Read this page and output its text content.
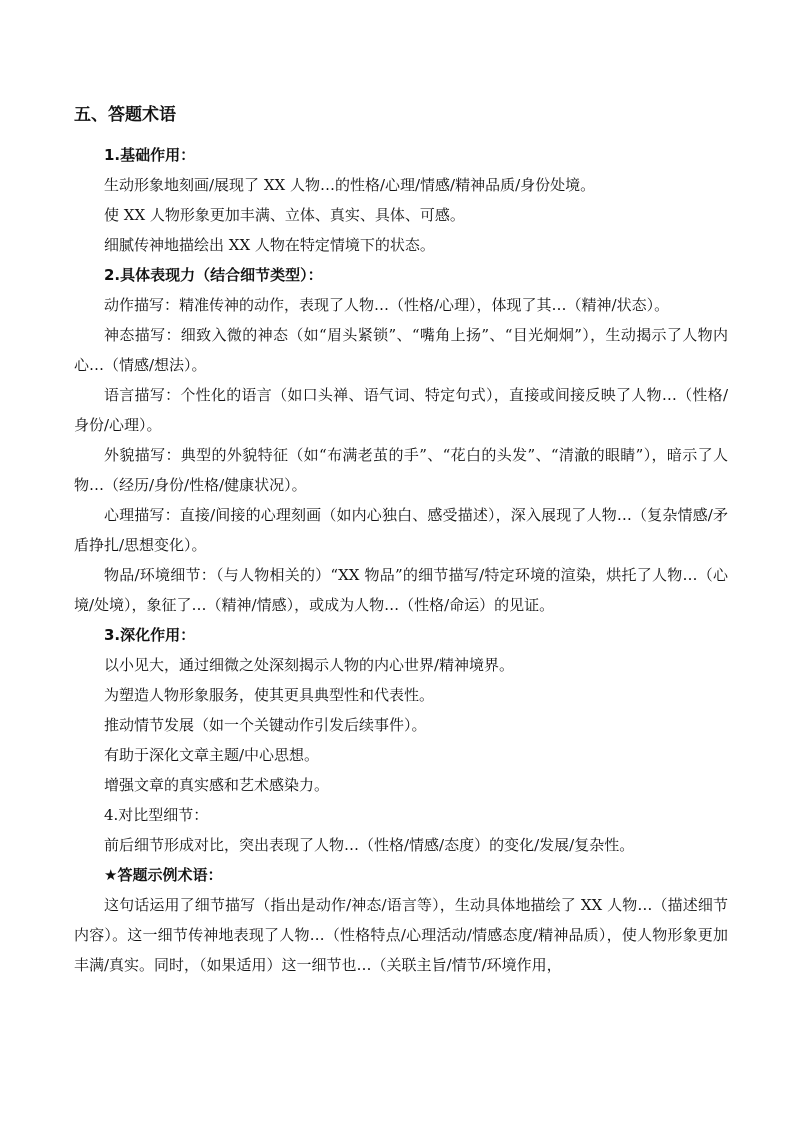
五、答题术语

1.基础作用：

生动形象地刻画/展现了 XX 人物…的性格/心理/情感/精神品质/身份处境。

使 XX 人物形象更加丰满、立体、真实、具体、可感。

细腻传神地描绘出 XX 人物在特定情境下的状态。

2.具体表现力（结合细节类型）：

动作描写：精准传神的动作，表现了人物…（性格/心理），体现了其…（精神/状态）。

神态描写：细致入微的神态（如“眉头紧锁”、“嘴角上扬”、“目光炯炯”），生动揭示了人物内心…（情感/想法）。

语言描写：个性化的语言（如口头禅、语气词、特定句式），直接或间接反映了人物…（性格/身份/心理）。

外貌描写：典型的外貌特征（如“布满老茧的手”、“花白的头发”、“清澈的眼睛”），暗示了人物…（经历/身份/性格/健康状况）。

心理描写：直接/间接的心理刻画（如内心独白、感受描述），深入展现了人物…（复杂情感/矛盾挣扎/思想变化）。

物品/环境细节：（与人物相关的）“XX 物品”的细节描写/特定环境的渲染，烘托了人物…（心境/处境），象征了…（精神/情感），或成为人物…（性格/命运）的见证。

3.深化作用：

以小见大，通过细微之处深刻揭示人物的内心世界/精神境界。

为塑造人物形象服务，使其更具典型性和代表性。

推动情节发展（如一个关键动作引发后续事件）。

有助于深化文章主题/中心思想。

增强文章的真实感和艺术感染力。

4.对比型细节：

前后细节形成对比，突出表现了人物…（性格/情感/态度）的变化/发展/复杂性。

★答题示例术语：

这句话运用了细节描写（指出是动作/神态/语言等），生动具体地描绘了 XX 人物…（描述细节内容）。这一细节传神地表现了人物…（性格特点/心理活动/情感态度/精神品质），使人物形象更加丰满/真实。同时，（如果适用）这一细节也…（关联主旨/情节/环境作用，
